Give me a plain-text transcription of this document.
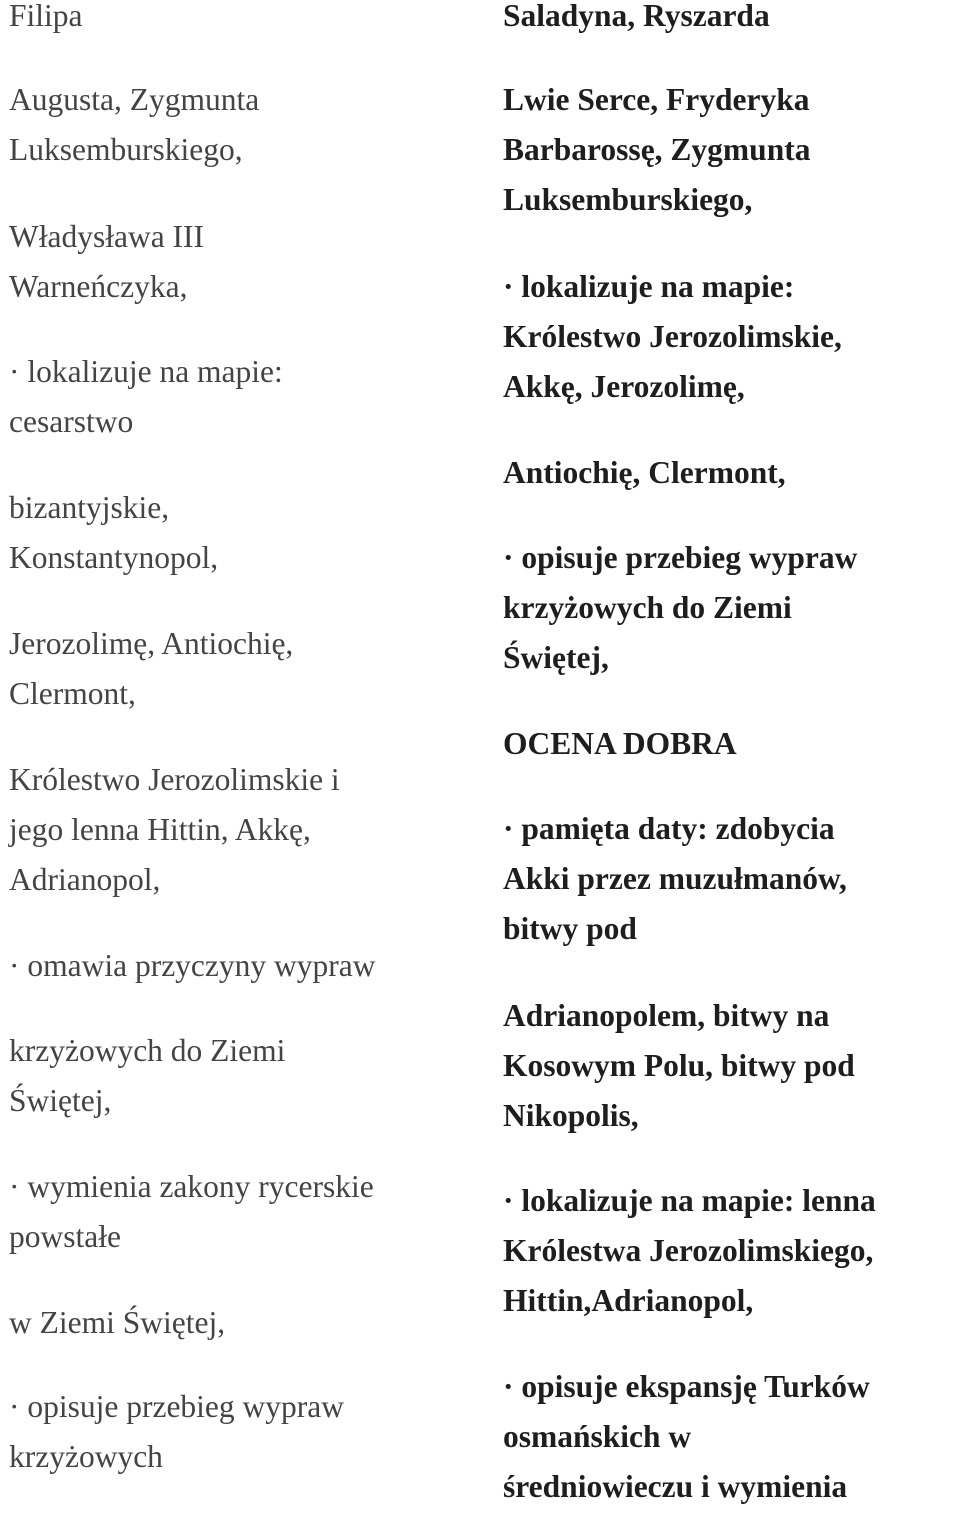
Filipa
Augusta, Zygmunta
Luksemburskiego,
Władysława III
Warneńczyka,
· lokalizuje na mapie:
cesarstwo
bizantyjskie,
Konstantynopol,
Jerozolimę, Antiochię,
Clermont,
Królestwo Jerozolimskie i
jego lenna Hittin, Akkę,
Adrianopol,
· omawia przyczyny wypraw
krzyżowych do Ziemi
Świętej,
· wymienia zakony rycerskie
powstałe
w Ziemi Świętej,
· opisuje przebieg wypraw
krzyżowych
Saladyna, Ryszarda
Lwie Serce, Fryderyka
Barbarossę, Zygmunta
Luksemburskiego,
· lokalizuje na mapie:
Królestwo Jerozolimskie,
Akkę, Jerozolimę,
Antiochię, Clermont,
· opisuje przebieg wypraw
krzyżowych do Ziemi
Świętej,
OCENA DOBRA
· pamięta daty: zdobycia
Akki przez muzułmanów,
bitwy pod
Adrianopolem, bitwy na
Kosowym Polu, bitwy pod
Nikopolis,
· lokalizuje na mapie: lenna
Królestwa Jerozolimskiego,
Hittin,Adrianopol,
· opisuje ekspansję Turków
osmańskich w
średniowieczu i wymienia
